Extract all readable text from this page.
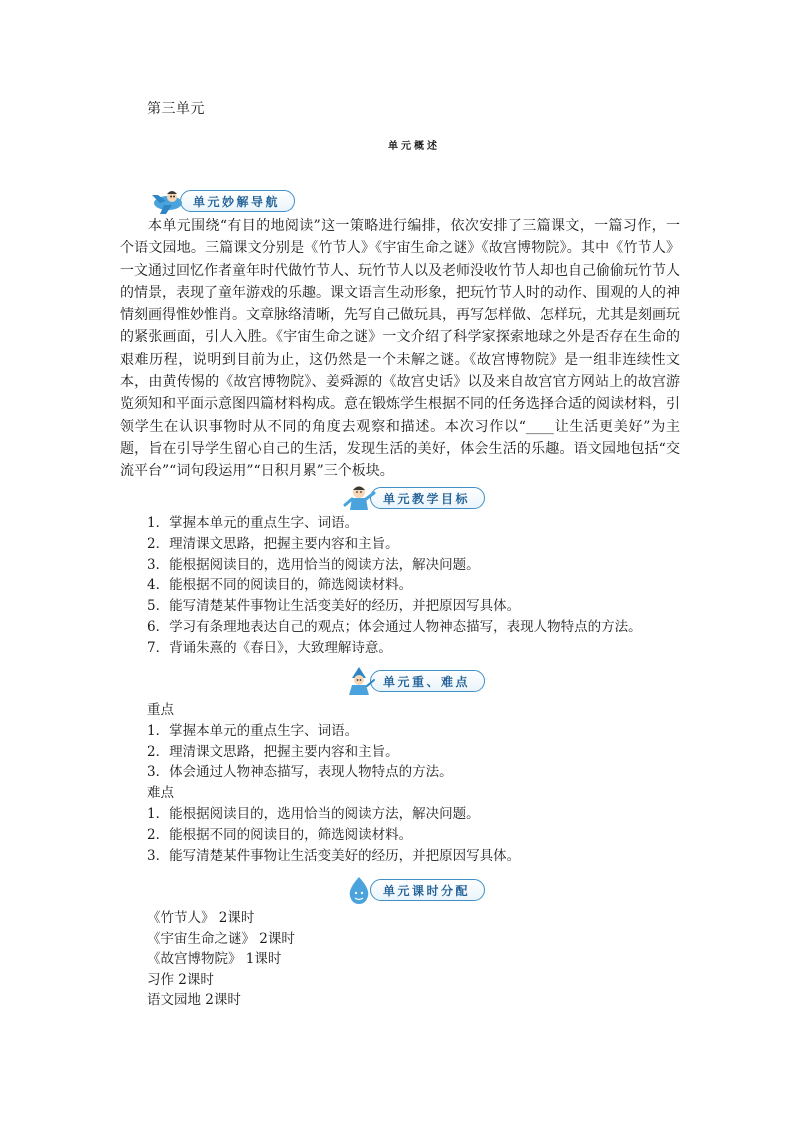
第三单元
单元概述
单元妙解导航

本单元围绕“有目的地阅读”这一策略进行编排，依次安排了三篇课文，一篇习作，一个语文园地。三篇课文分别是《竹节人》《宇宙生命之谜》《故宫博物院》。其中《竹节人》一文通过回忆作者童年时代做竹节人、玩竹节人以及老师没收竹节人却也自己偷偷玩竹节人的情景，表现了童年游戏的乐趣。课文语言生动形象，把玩竹节人时的动作、围观的人的神情刻画得惟妙惟肖。文章脉络清晰，先写自己做玩具，再写怎样做、怎样玩，尤其是刻画玩的紧张画面，引人入胜。《宇宙生命之谜》一文介绍了科学家探索地球之外是否存在生命的艰难历程，说明到目前为止，这仍然是一个未解之谜。《故宫博物院》是一组非连续性文本，由黄传惕的《故宫博物院》、姜舜源的《故宫史话》以及来自故宫官方网站上的故宫游览须知和平面示意图四篇材料构成。意在锻炼学生根据不同的任务选择合适的阅读材料，引领学生在认识事物时从不同的角度去观察和描述。本次习作以“____让生活更美好”为主题，旨在引导学生留心自己的生活，发现生活的美好，体会生活的乐趣。语文园地包括“交流平台”“词句段运用”“日积月累”三个板块。

单元教学目标
1．掌握本单元的重点生字、词语。
2．理清课文思路，把握主要内容和主旨。
3．能根据阅读目的，选用恰当的阅读方法，解决问题。
4．能根据不同的阅读目的，筛选阅读材料。
5．能写清楚某件事物让生活变美好的经历，并把原因写具体。
6．学习有条理地表达自己的观点；体会通过人物神态描写，表现人物特点的方法。
7．背诵朱熹的《春日》，大致理解诗意。
单元重、难点
重点
1．掌握本单元的重点生字、词语。
2．理清课文思路，把握主要内容和主旨。
3．体会通过人物神态描写，表现人物特点的方法。
难点
1．能根据阅读目的，选用恰当的阅读方法，解决问题。
2．能根据不同的阅读目的，筛选阅读材料。
3．能写清楚某件事物让生活变美好的经历，并把原因写具体。
单元课时分配
《竹节人》 2课时
《宇宙生命之谜》 2课时
《故宫博物院》 1课时
习作 2课时
语文园地 2课时
